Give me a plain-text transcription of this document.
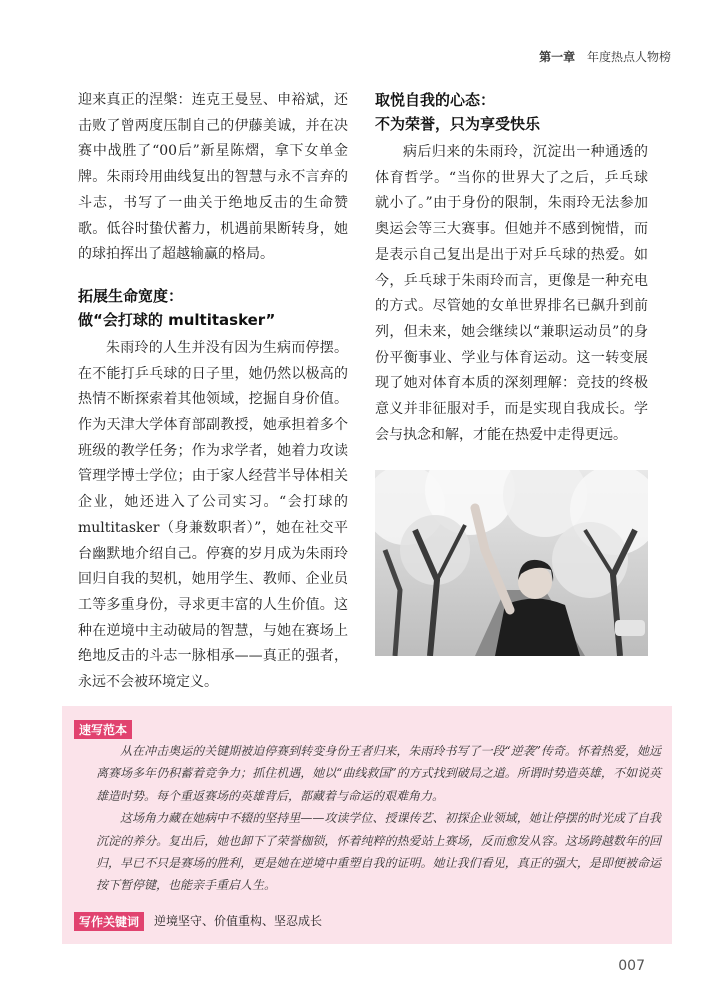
第一章 年度热点人物榜

迎来真正的涅槃：连克王曼昱、申裕斌，还击败了曾两度压制自己的伊藤美诚，并在决赛中战胜了“00后”新星陈熠，拿下女单金牌。朱雨玲用曲线复出的智慧与永不言弃的斗志，书写了一曲关于绝地反击的生命赞歌。低谷时蛰伏蓄力，机遇前果断转身，她的球拍挥出了超越输赢的格局。

拓展生命宽度：
做“会打球的 multitasker”

朱雨玲的人生并没有因为生病而停摆。在不能打乒乓球的日子里，她仍然以极高的热情不断探索着其他领域，挖掘自身价值。作为天津大学体育部副教授，她承担着多个班级的教学任务；作为求学者，她着力攻读管理学博士学位；由于家人经营半导体相关企业，她还进入了公司实习。“会打球的 multitasker（身兼数职者）”，她在社交平台幽默地介绍自己。停赛的岁月成为朱雨玲回归自我的契机，她用学生、教师、企业员工等多重身份，寻求更丰富的人生价值。这种在逆境中主动破局的智慧，与她在赛场上绝地反击的斗志一脉相承——真正的强者，永远不会被环境定义。

取悦自我的心态：
不为荣誉，只为享受快乐

病后归来的朱雨玲，沉淀出一种通透的体育哲学。“当你的世界大了之后，乒乓球就小了。”由于身份的限制，朱雨玲无法参加奥运会等三大赛事。但她并不感到惋惜，而是表示自己复出是出于对乒乓球的热爱。如今，乒乓球于朱雨玲而言，更像是一种充电的方式。尽管她的女单世界排名已飙升到前列，但未来，她会继续以“兼职运动员”的身份平衡事业、学业与体育运动。这一转变展现了她对体育本质的深刻理解：竞技的终极意义并非征服对手，而是实现自我成长。学会与执念和解，才能在热爱中走得更远。

速写范本

从在冲击奥运的关键期被迫停赛到转变身份王者归来，朱雨玲书写了一段“逆袭”传奇。怀着热爱，她远离赛场多年仍积蓄着竞争力；抓住机遇，她以“曲线救国”的方式找到破局之道。所谓时势造英雄，不如说英雄造时势。每个重返赛场的英雄背后，都藏着与命运的艰难角力。

这场角力藏在她病中不辍的坚持里——攻读学位、授课传艺、初探企业领域，她让停摆的时光成了自我沉淀的养分。复出后，她也卸下了荣誉枷锁，怀着纯粹的热爱站上赛场，反而愈发从容。这场跨越数年的回归，早已不只是赛场的胜利，更是她在逆境中重塑自我的证明。她让我们看见，真正的强大，是即便被命运按下暂停键，也能亲手重启人生。

写作关键词	逆境坚守、价值重构、坚忍成长
007
